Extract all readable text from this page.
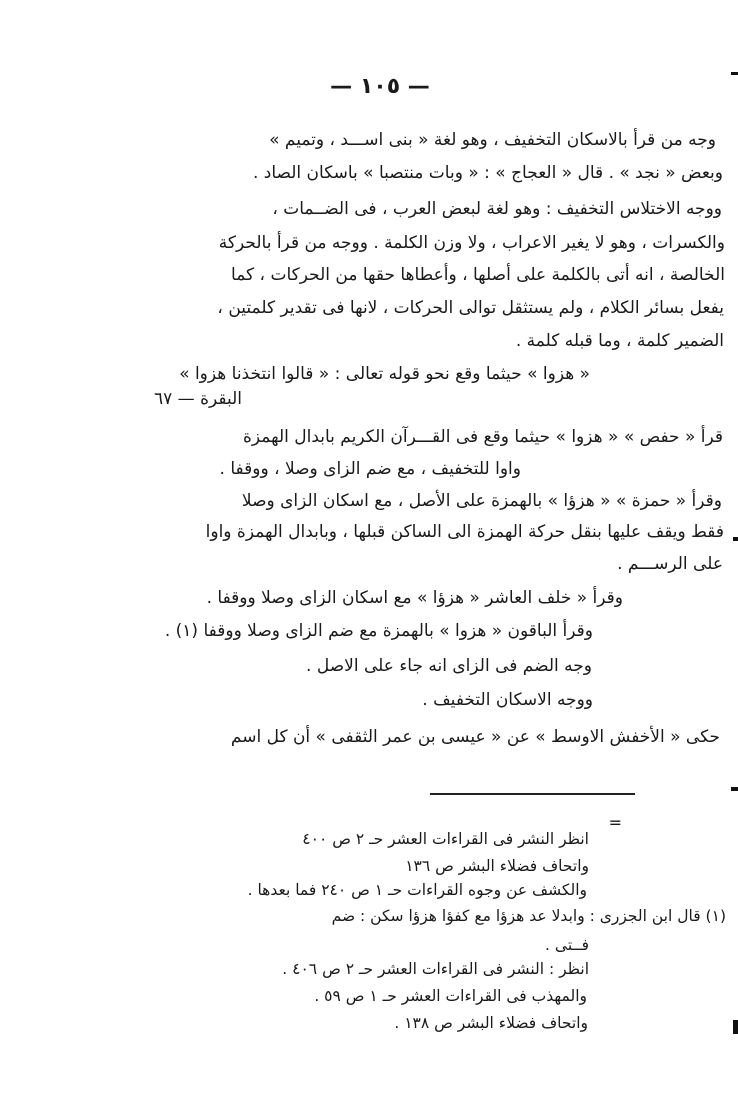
— ١٠٥ —
وجه من قرأ بالاسكان التخفيف ، وهو لغة « بنى اســـد ، وتميم »
وبعض « نجد » . قال « العجاج » : « وبات منتصبا » باسكان الصاد .
ووجه الاختلاس التخفيف : وهو لغة لبعض العرب ، فى الضــمات ،
والكسرات ، وهو لا يغير الاعراب ، ولا وزن الكلمة . ووجه من قرأ بالحركة
الخالصة ، انه أتى بالكلمة على أصلها ، وأعطاها حقها من الحركات ، كما
يفعل بسائر الكلام ، ولم يستثقل توالى الحركات ، لانها فى تقدير كلمتين ،
الضمير كلمة ، وما قبله كلمة .
« هزوا » حيثما وقع نحو قوله تعالى : « قالوا انتخذنا هزوا »
البقرة — ٦٧
قرأ « حفص » « هزوا » حيثما وقع فى القـــرآن الكريم بابدال الهمزة
واوا للتخفيف ، مع ضم الزاى وصلا ، ووقفا .
وقرأ « حمزة » « هزؤا » بالهمزة على الأصل ، مع اسكان الزاى وصلا
فقط ويقف عليها بنقل حركة الهمزة الى الساكن قبلها ، وبابدال الهمزة واوا
على الرســـم .
وقرأ « خلف العاشر « هزؤا » مع اسكان الزاى وصلا ووقفا .
وقرأ الباقون « هزوا » بالهمزة مع ضم الزاى وصلا ووقفا (١) .
وجه الضم فى الزاى انه جاء على الاصل .
ووجه الاسكان التخفيف .
حكى « الأخفش الاوسط » عن « عيسى بن عمر الثقفى » أن كل اسم
=
انظر النشر فى القراءات العشر حـ ٢ ص ٤٠٠
واتحاف فضلاء البشر ص ١٣٦
والكشف عن وجوه القراءات حـ ١ ص ٢٤٠ فما بعدها .
(١) قال ابن الجزرى : وابدلا عد هزؤا مع كفؤا هزؤا سكن : ضم
فــتى .
انظر : النشر فى القراءات العشر حـ ٢ ص ٤٠٦ .
والمهذب فى القراءات العشر حـ ١ ص ٥٩ .
واتحاف فضلاء البشر ص ١٣٨ .
